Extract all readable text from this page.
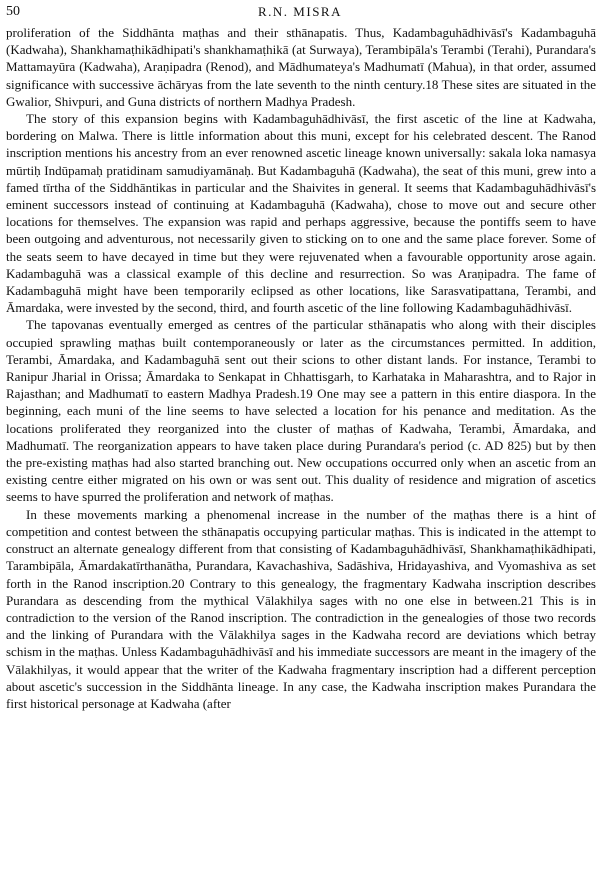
50	R.N. MISRA

proliferation of the Siddhānta maṭhas and their sthānapatis. Thus, Kadambaguhādhivāsī's Kadambaguhā (Kadwaha), Shankhamaṭhikādhipati's shankhamaṭhikā (at Surwaya), Terambipāla's Terambi (Terahi), Purandara's Mattamayūra (Kadwaha), Araṇipadra (Renod), and Mādhumateya's Madhumatī (Mahua), in that order, assumed significance with successive āchāryas from the late seventh to the ninth century.18 These sites are situated in the Gwalior, Shivpuri, and Guna districts of northern Madhya Pradesh.

The story of this expansion begins with Kadambaguhādhivāsī, the first ascetic of the line at Kadwaha, bordering on Malwa. There is little information about this muni, except for his celebrated descent. The Ranod inscription mentions his ancestry from an ever renowned ascetic lineage known universally: sakala loka namasya mūrtiḥ Indūpamaḥ pratidinam samudiyamānaḥ. But Kadambaguhā (Kadwaha), the seat of this muni, grew into a famed tīrtha of the Siddhāntikas in particular and the Shaivites in general. It seems that Kadambaguhādhivāsī's eminent successors instead of continuing at Kadambaguhā (Kadwaha), chose to move out and secure other locations for themselves. The expansion was rapid and perhaps aggressive, because the pontiffs seem to have been outgoing and adventurous, not necessarily given to sticking on to one and the same place forever. Some of the seats seem to have decayed in time but they were rejuvenated when a favourable opportunity arose again. Kadambaguhā was a classical example of this decline and resurrection. So was Araṇipadra. The fame of Kadambaguhā might have been temporarily eclipsed as other locations, like Sarasvatipattana, Terambi, and Āmardaka, were invested by the second, third, and fourth ascetic of the line following Kadambaguhādhivāsī.

The tapovanas eventually emerged as centres of the particular sthānapatis who along with their disciples occupied sprawling maṭhas built contemporaneously or later as the circumstances permitted. In addition, Terambi, Āmardaka, and Kadambaguhā sent out their scions to other distant lands. For instance, Terambi to Ranipur Jharial in Orissa; Āmardaka to Senkapat in Chhattisgarh, to Karhataka in Maharashtra, and to Rajor in Rajasthan; and Madhumatī to eastern Madhya Pradesh.19 One may see a pattern in this entire diaspora. In the beginning, each muni of the line seems to have selected a location for his penance and meditation. As the locations proliferated they reorganized into the cluster of maṭhas of Kadwaha, Terambi, Āmardaka, and Madhumatī. The reorganization appears to have taken place during Purandara's period (c. AD 825) but by then the pre-existing maṭhas had also started branching out. New occupations occurred only when an ascetic from an existing centre either migrated on his own or was sent out. This duality of residence and migration of ascetics seems to have spurred the proliferation and network of maṭhas.

In these movements marking a phenomenal increase in the number of the maṭhas there is a hint of competition and contest between the sthānapatis occupying particular maṭhas. This is indicated in the attempt to construct an alternate genealogy different from that consisting of Kadambaguhādhivāsī, Shankhamaṭhikādhipati, Tarambipāla, Āmardakatīrthanātha, Purandara, Kavachashiva, Sadāshiva, Hridayashiva, and Vyomashiva as set forth in the Ranod inscription.20 Contrary to this genealogy, the fragmentary Kadwaha inscription describes Purandara as descending from the mythical Vālakhilya sages with no one else in between.21 This is in contradiction to the version of the Ranod inscription. The contradiction in the genealogies of those two records and the linking of Purandara with the Vālakhilya sages in the Kadwaha record are deviations which betray schism in the maṭhas. Unless Kadambaguhādhivāsī and his immediate successors are meant in the imagery of the Vālakhilyas, it would appear that the writer of the Kadwaha fragmentary inscription had a different perception about ascetic's succession in the Siddhānta lineage. In any case, the Kadwaha inscription makes Purandara the first historical personage at Kadwaha (after
